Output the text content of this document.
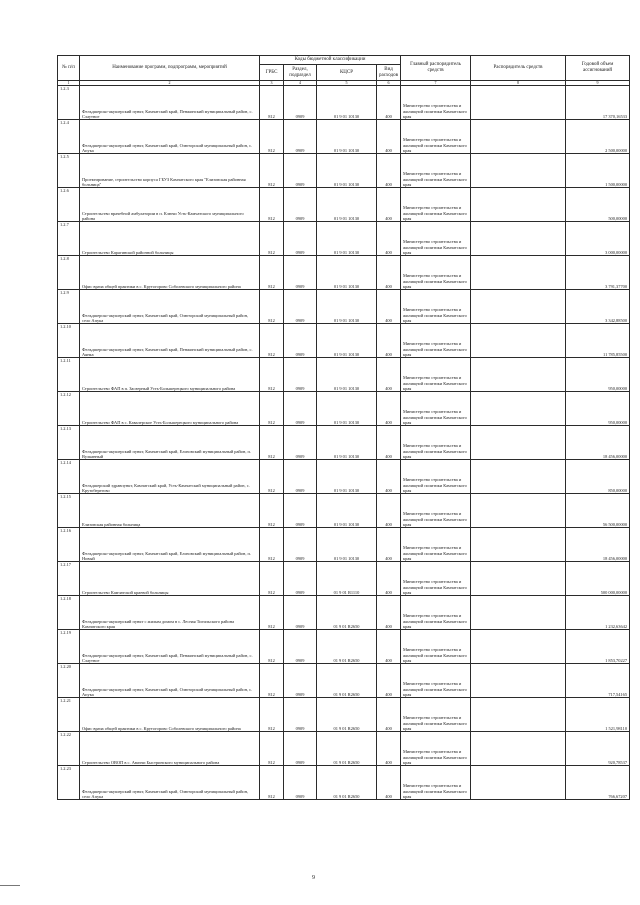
№ п/п	Наименование программ, подпрограмм, мероприятий	Коды бюджетной классификации				Главный распорядитель средств	Распорядитель средств	Годовой объем ассигнований
		ГРБС	Раздел, подраздел	КЦСР	Вид расходов			
1	2	3	4	5	6	7	8	9
1.2.3	Фельдшерско-акушерский пункт, Камчатский край, Пенжинский муниципальный район, с. Слаутное	812	0909	01 9 01 10130	400	Министерство строительства и жилищной политики Камчатского края		17 370,16533
1.2.4	Фельдшерско-акушерский пункт, Камчатский край, Олюторский муниципальный район, с. Апука	812	0909	01 9 01 10130	400	Министерство строительства и жилищной политики Камчатского края		2 500,00000
1.2.5	Проектирование, строительство корпуса ГБУЗ Камчатского края "Елизовская районная больница"	812	0909	01 9 01 10130	400	Министерство строительства и жилищной политики Камчатского края		1 500,00000
1.2.6	Строительство врачебной амбулатории в п. Ключи Усть-Камчатского муниципального района	812	0909	01 9 01 10130	400	Министерство строительства и жилищной политики Камчатского края		500,00000
1.2.7	Строительство Карагинской районной больницы	812	0909	01 9 01 10130	400	Министерство строительства и жилищной политики Камчатского края		3 000,00000
1.2.8	Офис врача общей практики в с. Крутогорово Соболевского муниципального района	812	0909	01 9 01 10130	400	Министерство строительства и жилищной политики Камчатского края		3 791,37700
1.2.9	Фельдшерско-акушерский пункт, Камчатский край, Олюторский муниципальный район, село Апука	812	0909	01 9 01 10130	400	Министерство строительства и жилищной политики Камчатского края		3 342,88500
1.2.10	Фельдшерско-акушерский пункт, Камчатский край, Пенжинский муниципальный район, с. Аянка	812	0909	01 9 01 10130	400	Министерство строительства и жилищной политики Камчатского края		11 785,85500
1.2.11	Строительство ФАП в п. Заозерный Усть-Большерецкого муниципального района	812	0909	01 9 01 10130	400	Министерство строительства и жилищной политики Камчатского края		950,00000
1.2.12	Строительство ФАП в с. Кавалерское Усть-Большерецкого муниципального района	812	0909	01 9 01 10130	400	Министерство строительства и жилищной политики Камчатского края		950,00000
1.2.13	Фельдшерско-акушерский пункт, Камчатский край, Елизовский муниципальный район, п. Вулканный	812	0909	01 9 01 10130	400	Министерство строительства и жилищной политики Камчатского края		18 456,00000
1.2.14	Фельдшерский здравпункт, Камчатский край, Усть-Камчатский муниципальный район, с. Крутоберегово	812	0909	01 9 01 10130	400	Министерство строительства и жилищной политики Камчатского края		850,00000
1.2.15	Елизовская районная больница	812	0909	01 9 01 10130	400	Министерство строительства и жилищной политики Камчатского края		56 500,00000
1.2.16	Фельдшерско-акушерский пункт, Камчатский край, Елизовский муниципальный район, п. Новый	812	0909	01 9 01 10130	400	Министерство строительства и жилищной политики Камчатского края		18 456,00000
1.2.17	Строительство Камчатской краевой больницы	812	0909	01 9 01 R1110	400	Министерство строительства и жилищной политики Камчатского края		500 000,00000
1.2.18	Фельдшерско-акушерский пункт с жилым домом в с. Лесная Тигильского района Камчатского края	812	0909	01 9 01 R2650	400	Министерство строительства и жилищной политики Камчатского края		1 232,63642
1.2.19	Фельдшерско-акушерский пункт, Камчатский край, Пенжинский муниципальный район, с. Слаутное	812	0909	01 9 01 R2650	400	Министерство строительства и жилищной политики Камчатского края		1 853,70227
1.2.20	Фельдшерско-акушерский пункт, Камчатский край, Олюторский муниципальный район, с. Апука	812	0909	01 9 01 R2650	400	Министерство строительства и жилищной политики Камчатского края		717,54165
1.2.21	Офис врача общей практики в с. Крутогорово Соболевского муниципального района	812	0909	01 9 01 R2650	400	Министерство строительства и жилищной политики Камчатского края		1 521,98110
1.2.22	Строительство ОВОП в с. Аваччи Быстринского муниципального района	812	0909	01 9 01 R2650	400	Министерство строительства и жилищной политики Камчатского края		920,78537
1.2.23	Фельдшерско-акушерский пункт, Камчатский край, Олюторский муниципальный район, село Апука	812	0909	01 9 01 R2650	400	Министерство строительства и жилищной политики Камчатского края		766,67207
9
